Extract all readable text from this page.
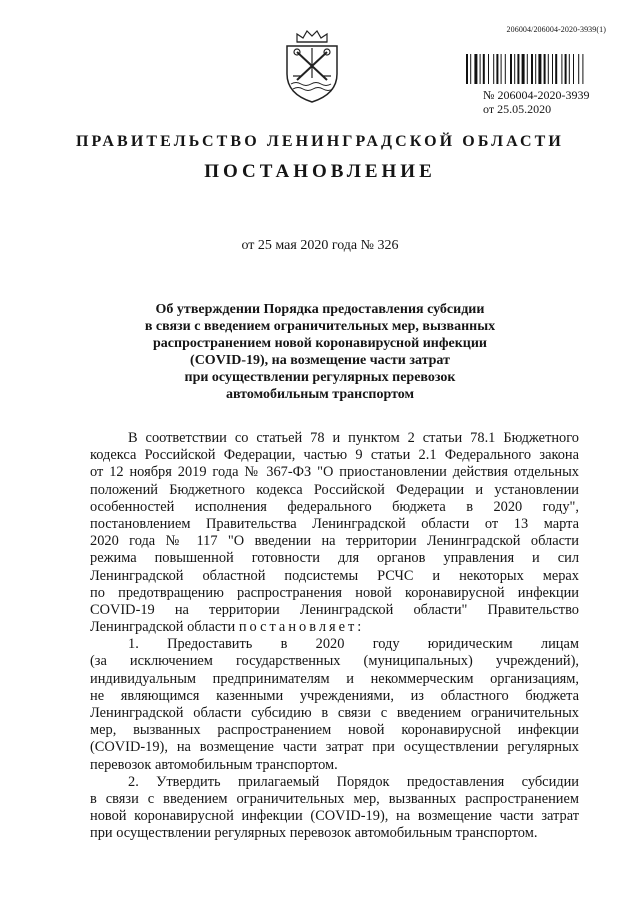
206004/206004-2020-3939(1)
№ 206004-2020-3939
от 25.05.2020
ПРАВИТЕЛЬСТВО ЛЕНИНГРАДСКОЙ ОБЛАСТИ
ПОСТАНОВЛЕНИЕ
от 25 мая 2020 года № 326
Об утверждении Порядка предоставления субсидии
в связи с введением ограничительных мер, вызванных
распространением новой коронавирусной инфекции
(COVID-19), на возмещение части затрат
при осуществлении регулярных перевозок
автомобильным транспортом
В соответствии со статьей 78 и пунктом 2 статьи 78.1 Бюджетного
кодекса Российской Федерации, частью 9 статьи 2.1 Федерального закона
от 12 ноября 2019 года № 367-ФЗ "О приостановлении действия отдельных
положений Бюджетного кодекса Российской Федерации и установлении
особенностей исполнения федерального бюджета в 2020 году",
постановлением Правительства Ленинградской области от 13 марта
2020 года № 117 "О введении на территории Ленинградской области
режима повышенной готовности для органов управления и сил
Ленинградской областной подсистемы РСЧС и некоторых мерах
по предотвращению распространения новой коронавирусной инфекции
COVID-19 на территории Ленинградской области" Правительство
Ленинградской области постановляет:
1. Предоставить в 2020 году юридическим лицам
(за исключением государственных (муниципальных) учреждений),
индивидуальным предпринимателям и некоммерческим организациям,
не являющимся казенными учреждениями, из областного бюджета
Ленинградской области субсидию в связи с введением ограничительных
мер, вызванных распространением новой коронавирусной инфекции
(COVID-19), на возмещение части затрат при осуществлении регулярных
перевозок автомобильным транспортом.
2. Утвердить прилагаемый Порядок предоставления субсидии
в связи с введением ограничительных мер, вызванных распространением
новой коронавирусной инфекции (COVID-19), на возмещение части затрат
при осуществлении регулярных перевозок автомобильным транспортом.
